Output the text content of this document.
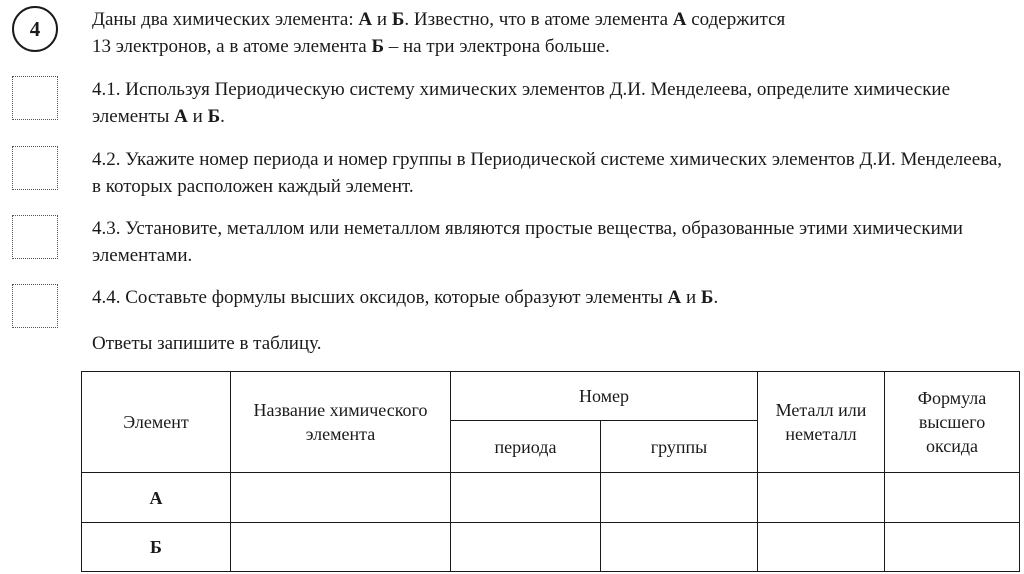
4	Даны два химических элемента: А и Б. Известно, что в атоме элемента А содержится
13 электронов, а в атоме элемента Б – на три электрона больше.
4.1. Используя Периодическую систему химических элементов Д.И. Менделеева, определите химические элементы А и Б.
4.2. Укажите номер периода и номер группы в Периодической системе химических элементов Д.И. Менделеева, в которых расположен каждый элемент.
4.3. Установите, металлом или неметаллом являются простые вещества, образованные этими химическими элементами.
4.4. Составьте формулы высших оксидов, которые образуют элементы А и Б.
Ответы запишите в таблицу.
Элемент	Название химического элемента	Номер		Металл или неметалл	Формула высшего оксида
		периода	группы		
А					
Б					
